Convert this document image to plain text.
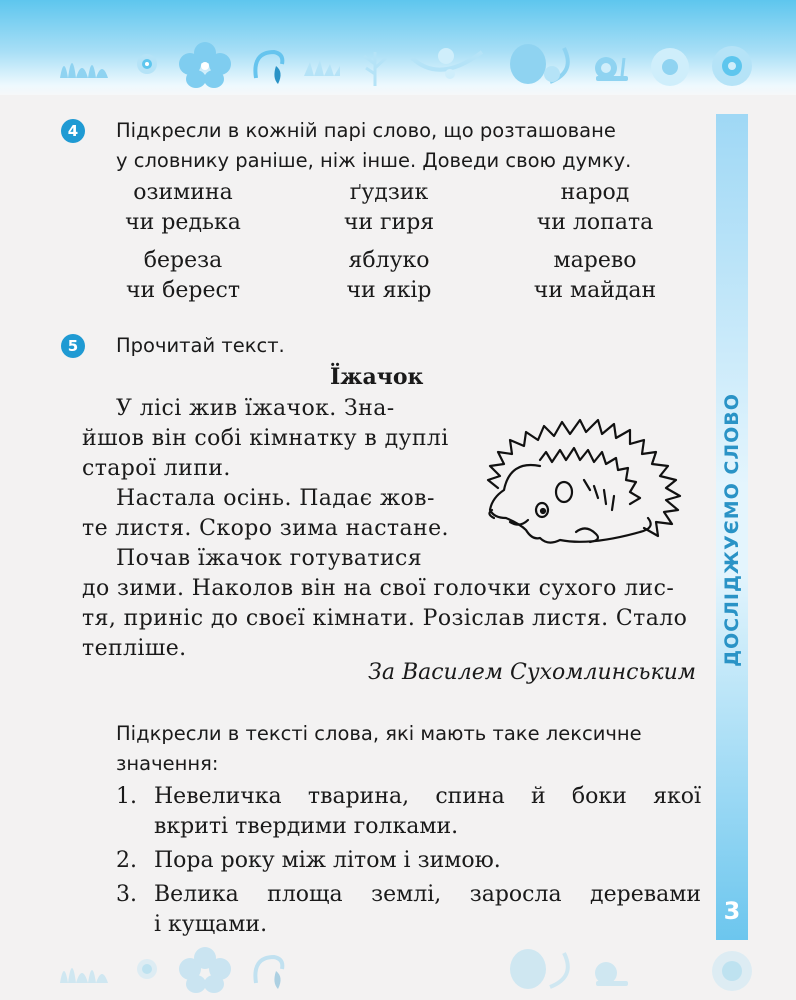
ДОСЛІДЖУЄМО СЛОВО
3
4	Підкресли в кожній парі слово, що розташоване
у словнику раніше, ніж інше. Доведи свою думку.
озимина
чи редька
ґудзик
чи гиря
народ
чи лопата
береза
чи берест
яблуко
чи якір
марево
чи майдан
5	Прочитай текст.
Їжачок
У лісі жив їжачок. Зна-
йшов він собі кімнатку в дуплі
старої липи.
Настала осінь. Падає жов-
те листя. Скоро зима настане.
Почав їжачок готуватися
до зими. Наколов він на свої голочки сухого лис-
тя, приніс до своєї кімнати. Розіслав листя. Стало
тепліше.
За Василем Сухомлинським
Підкресли в тексті слова, які мають таке лексичне
значення:
1. Невеличка тварина, спина й боки якої
вкриті твердими голками.
2. Пора року між літом і зимою.
3. Велика площа землі, заросла деревами
і кущами.
